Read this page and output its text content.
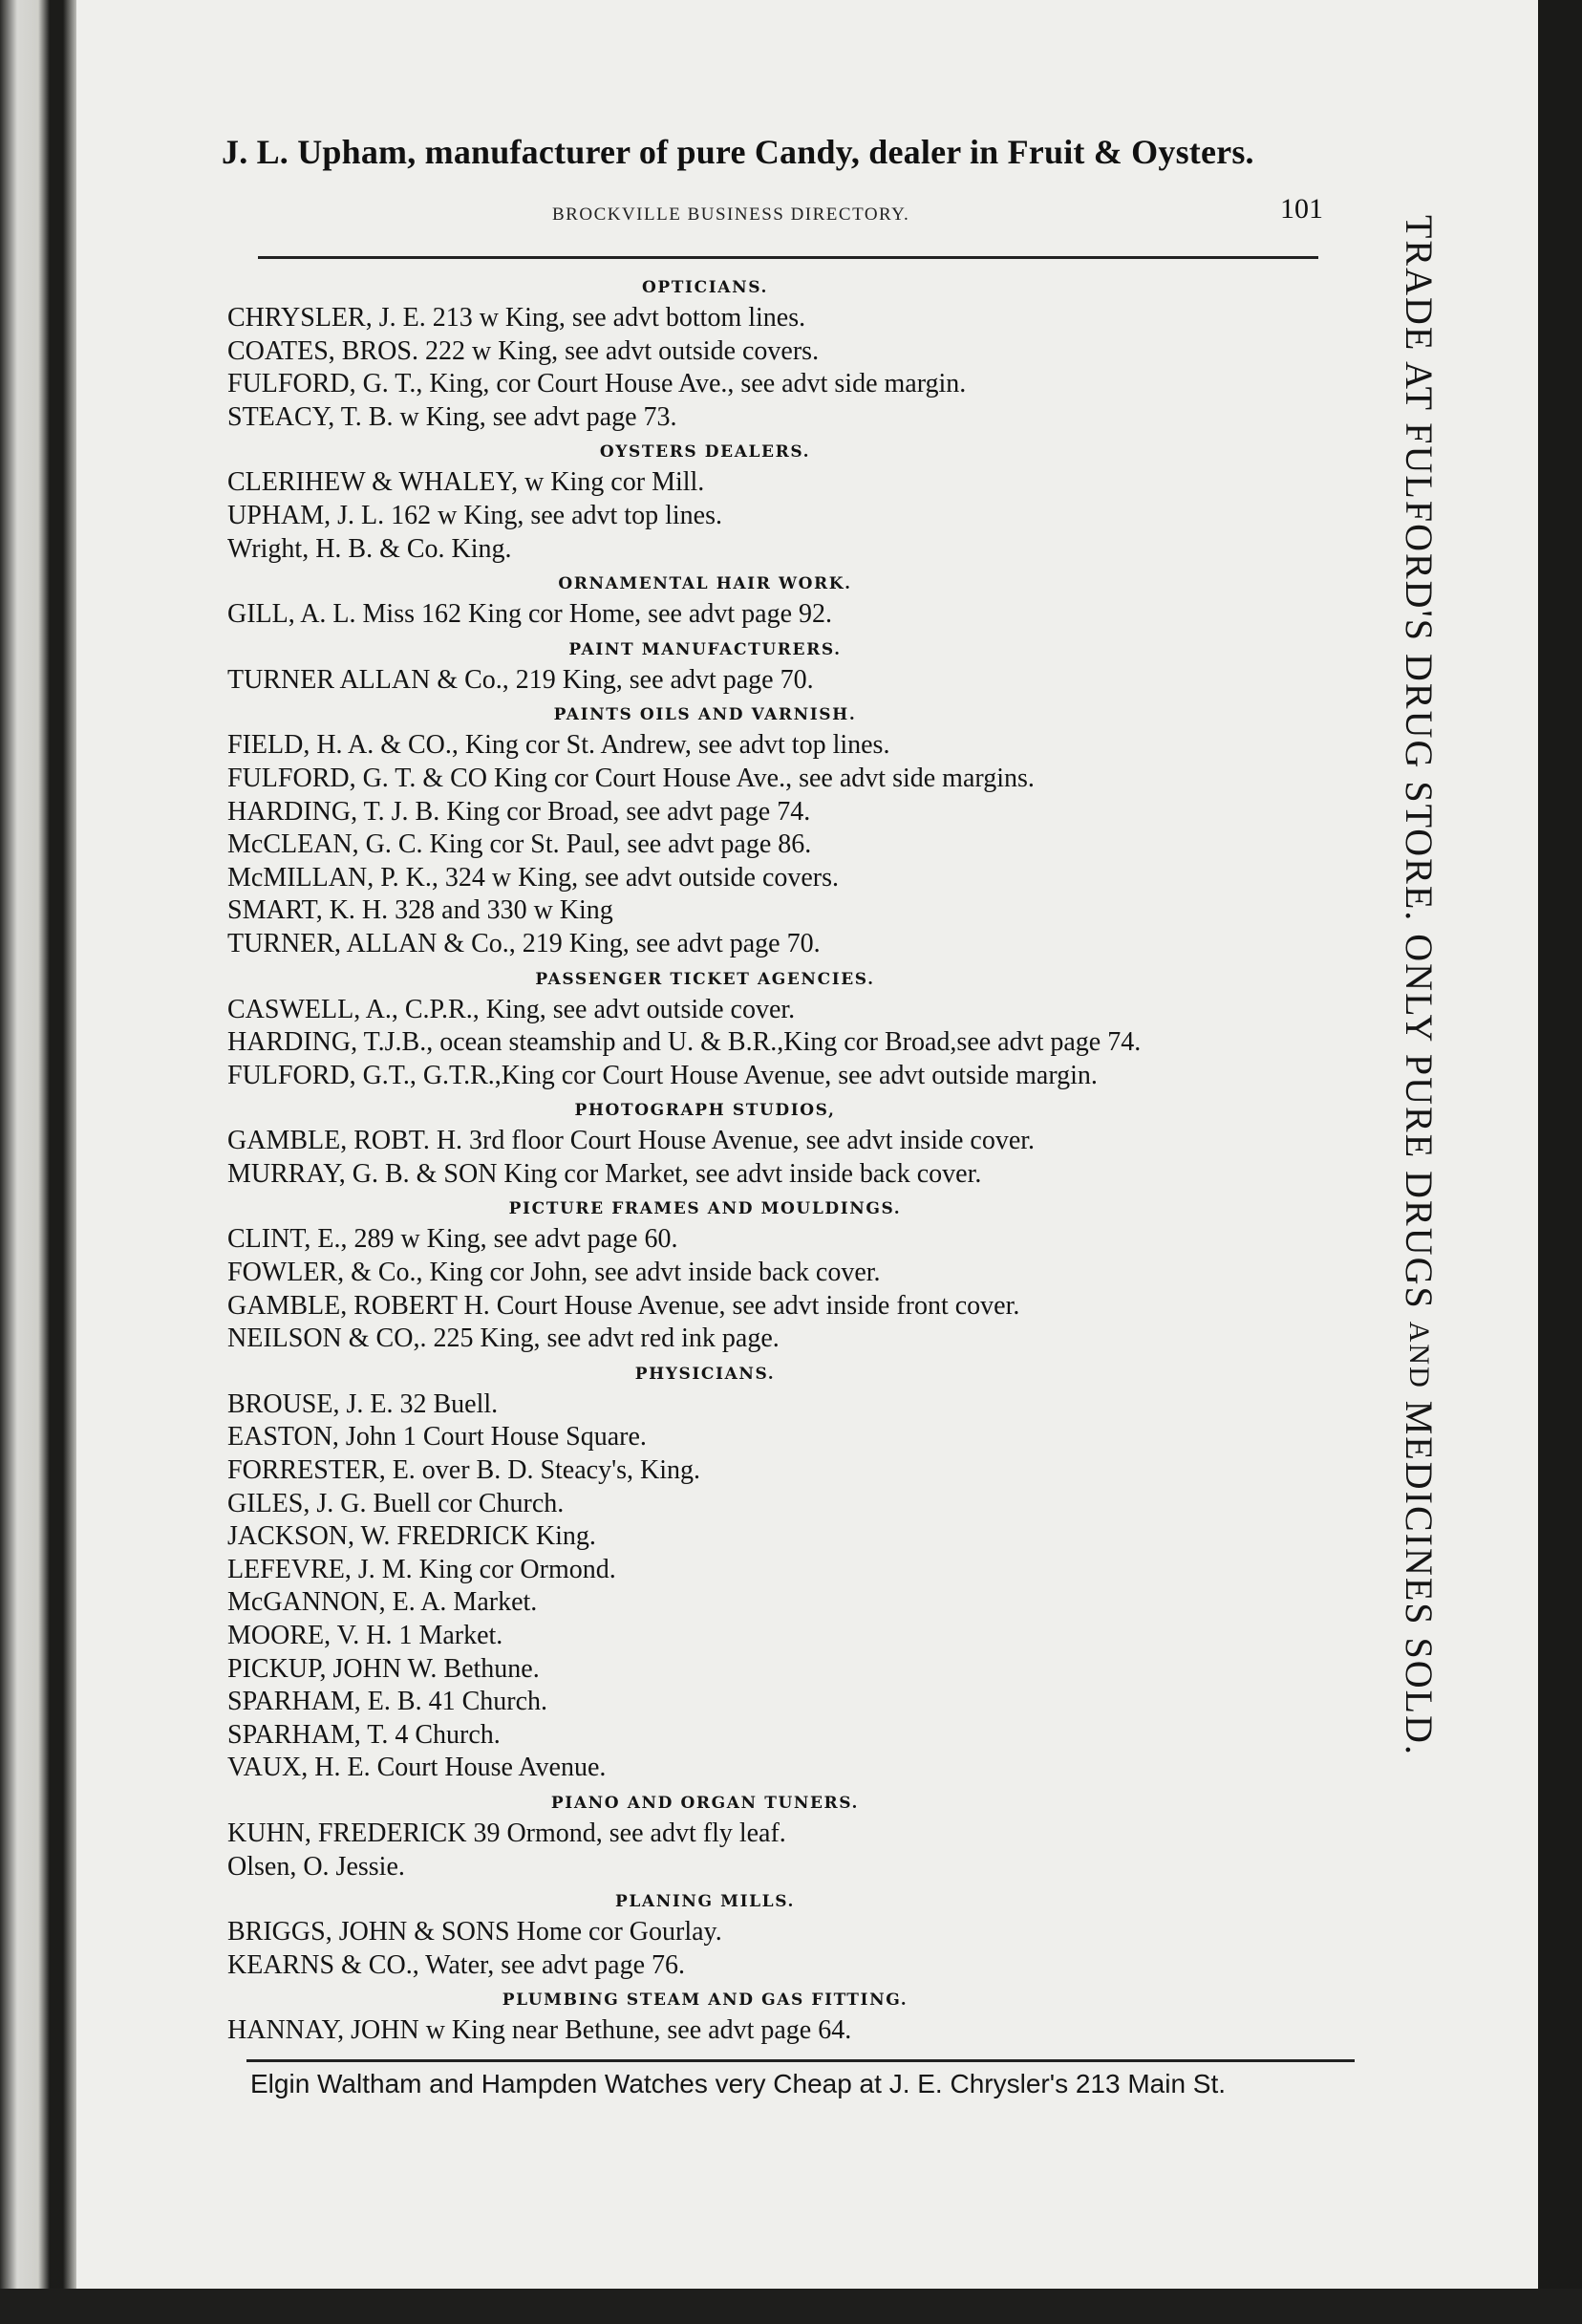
J. L. Upham, manufacturer of pure Candy, dealer in Fruit & Oysters.
BROCKVILLE BUSINESS DIRECTORY.	101
TRADE AT FULFORD'S DRUG STORE. ONLY PURE DRUGS AND MEDICINES SOLD.
OPTICIANS.
CHRYSLER, J. E. 213 w King, see advt bottom lines.
COATES, BROS. 222 w King, see advt outside covers.
FULFORD, G. T., King, cor Court House Ave., see advt side margin.
STEACY, T. B. w King, see advt page 73.
OYSTERS DEALERS.
CLERIHEW & WHALEY, w King cor Mill.
UPHAM, J. L. 162 w King, see advt top lines.
Wright, H. B. & Co. King.
ORNAMENTAL HAIR WORK.
GILL, A. L. Miss 162 King cor Home, see advt page 92.
PAINT MANUFACTURERS.
TURNER ALLAN & Co., 219 King, see advt page 70.
PAINTS OILS AND VARNISH.
FIELD, H. A. & CO., King cor St. Andrew, see advt top lines.
FULFORD, G. T. & CO King cor Court House Ave., see advt side margins.
HARDING, T. J. B. King cor Broad, see advt page 74.
McCLEAN, G. C. King cor St. Paul, see advt page 86.
McMILLAN, P. K., 324 w King, see advt outside covers.
SMART, K. H. 328 and 330 w King
TURNER, ALLAN & Co., 219 King, see advt page 70.
PASSENGER TICKET AGENCIES.
CASWELL, A., C.P.R., King, see advt outside cover.
HARDING, T.J.B., ocean steamship and U. & B.R.,King cor Broad,see advt page 74.
FULFORD, G.T., G.T.R.,King cor Court House Avenue, see advt outside margin.
PHOTOGRAPH STUDIOS,
GAMBLE, ROBT. H. 3rd floor Court House Avenue, see advt inside cover.
MURRAY, G. B. & SON King cor Market, see advt inside back cover.
PICTURE FRAMES AND MOULDINGS.
CLINT, E., 289 w King, see advt page 60.
FOWLER, & Co., King cor John, see advt inside back cover.
GAMBLE, ROBERT H. Court House Avenue, see advt inside front cover.
NEILSON & CO,. 225 King, see advt red ink page.
PHYSICIANS.
BROUSE, J. E. 32 Buell.
EASTON, John 1 Court House Square.
FORRESTER, E. over B. D. Steacy's, King.
GILES, J. G. Buell cor Church.
JACKSON, W. FREDRICK King.
LEFEVRE, J. M. King cor Ormond.
McGANNON, E. A. Market.
MOORE, V. H. 1 Market.
PICKUP, JOHN W. Bethune.
SPARHAM, E. B. 41 Church.
SPARHAM, T. 4 Church.
VAUX, H. E. Court House Avenue.
PIANO AND ORGAN TUNERS.
KUHN, FREDERICK 39 Ormond, see advt fly leaf.
Olsen, O. Jessie.
PLANING MILLS.
BRIGGS, JOHN & SONS Home cor Gourlay.
KEARNS & CO., Water, see advt page 76.
PLUMBING STEAM AND GAS FITTING.
HANNAY, JOHN w King near Bethune, see advt page 64.
Elgin Waltham and Hampden Watches very Cheap at J. E. Chrysler's 213 Main St.
